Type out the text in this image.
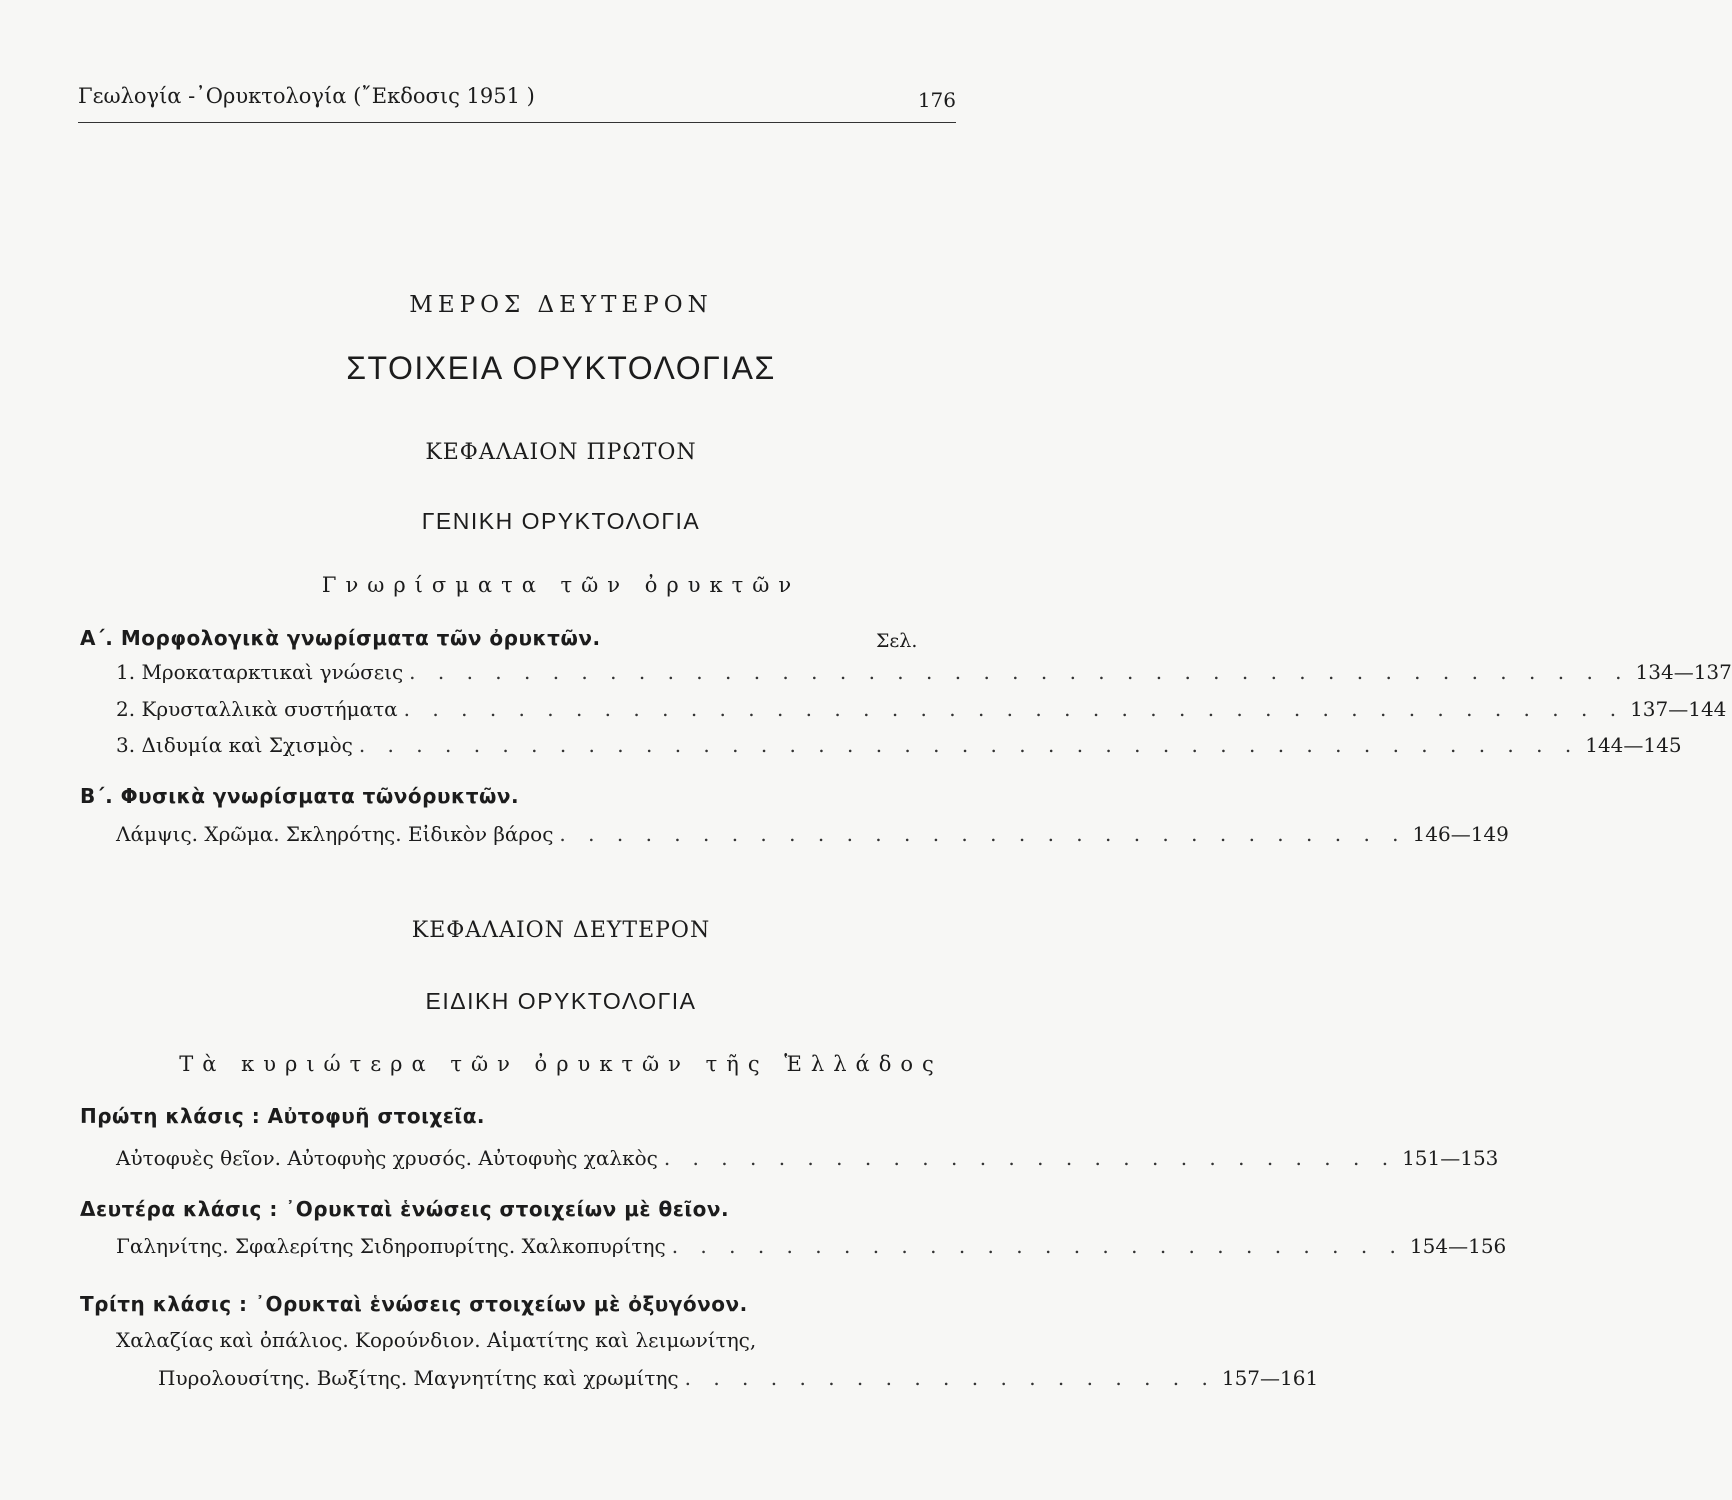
Γεωλογία -᾽Ορυκτολογία (῎Εκδοσις 1951 )	176
ΜΕΡΟΣ ΔΕΥΤΕΡΟΝ
ΣΤΟΙΧΕΙΑ ΟΡΥΚΤΟΛΟΓΙΑΣ
ΚΕΦΑΛΑΙΟΝ ΠΡΩΤΟΝ
ΓΕΝΙΚΗ ΟΡΥΚΤΟΛΟΓΙΑ
Γνωρίσματα τῶν ὀρυκτῶν
Α΄. Μορφολογικὰ γνωρίσματα τῶν ὀρυκτῶν.	Σελ.
1. Μροκαταρκτικαὶ γνώσεις . . . . . . . . . . . . . . . . . . . . . . . . . . . . . . . . . . . . . . . . . . . 134—137
2. Κρυσταλλικὰ συστήματα . . . . . . . . . . . . . . . . . . . . . . . . . . . . . . . . . . . . . . . . . . . 137—144
3. Διδυμία καὶ Σχισμὸς . . . . . . . . . . . . . . . . . . . . . . . . . . . . . . . . . . . . . . . . . . . 144—145
Β΄. Φυσικὰ γνωρίσματα τῶνόρυκτῶν.
Λάμψις. Χρῶμα. Σκληρότης. Εἰδικὸν βάρος . . . . . . . . . . . . . . . . . . . . . . . . . . . . . . 146—149
ΚΕΦΑΛΑΙΟΝ ΔΕΥΤΕΡΟΝ
ΕΙΔΙΚΗ ΟΡΥΚΤΟΛΟΓΙΑ
Τὰ κυριώτερα τῶν ὀρυκτῶν τῆς Ἑλλάδος
Πρώτη κλάσις : Αὐτοφυῆ στοιχεῖα.
Αὐτοφυὲς θεῖον. Αὐτοφυὴς χρυσός. Αὐτοφυὴς χαλκὸς . . . . . . . . . . . . . . . . . . . . . . . . . . 151—153
Δευτέρα κλάσις : ᾽Ορυκταὶ ἑνώσεις στοιχείων μὲ θεῖον.
Γαληνίτης. Σφαλερίτης Σιδηροπυρίτης. Χαλκοπυρίτης . . . . . . . . . . . . . . . . . . . . . . . . . . 154—156
Τρίτη κλάσις : ᾽Ορυκταὶ ἑνώσεις στοιχείων μὲ ὀξυγόνον.
Χαλαζίας καὶ ὀπάλιος. Κορούνδιον. Αἱματίτης καὶ λειμωνίτης,
Πυρολουσίτης. Βωξίτης. Μαγνητίτης καὶ χρωμίτης . . . . . . . . . . . . . . . . . . . 157—161
